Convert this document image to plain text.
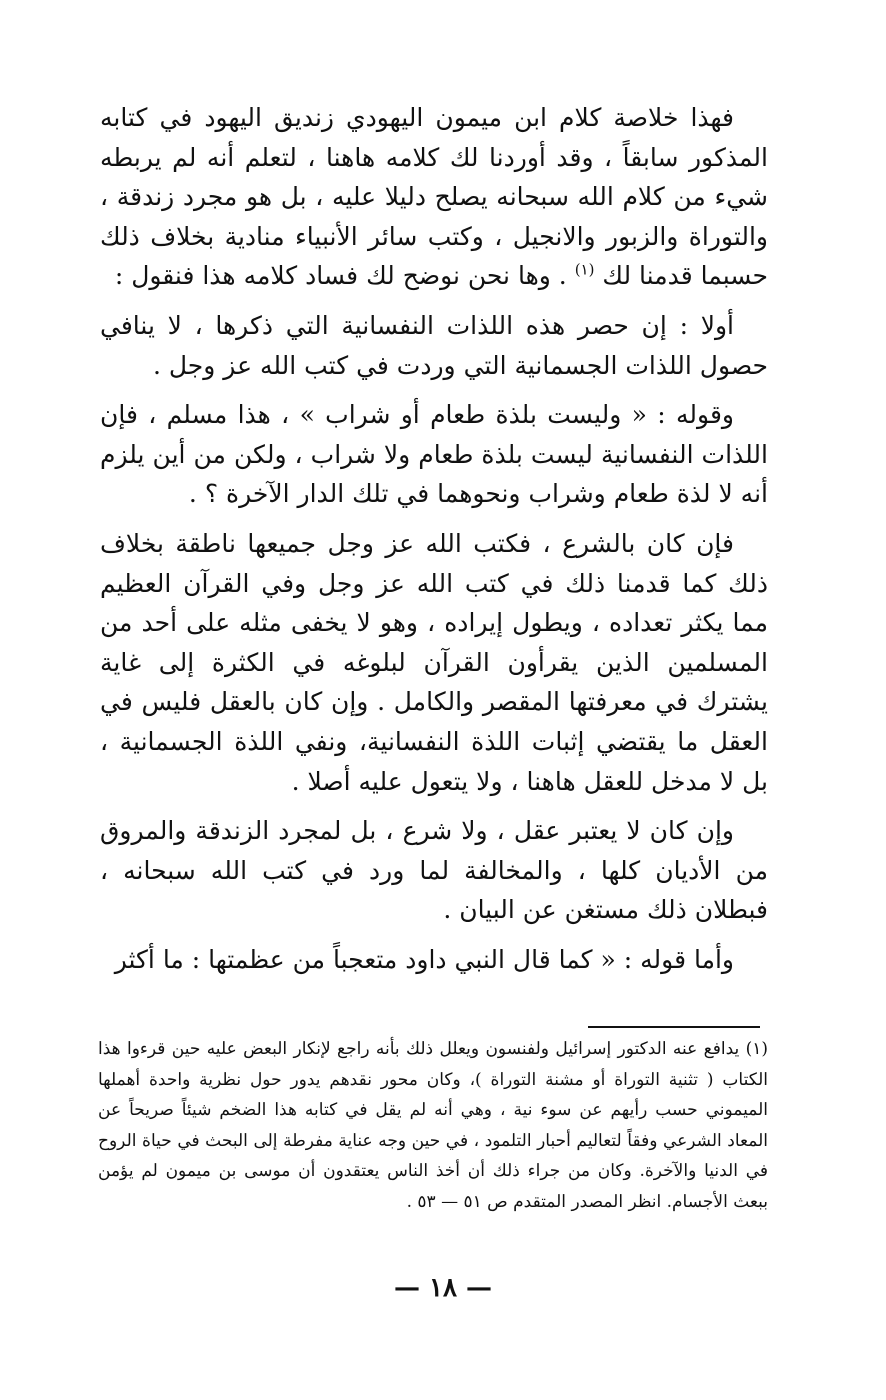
فهذا خلاصة كلام ابن ميمون اليهودي زنديق اليهود في كتابه المذكور سابقاً ، وقد أوردنا لك كلامه هاهنا ، لتعلم أنه لم يربطه شيء من كلام الله سبحانه يصلح دليلا عليه ، بل هو مجرد زندقة ، والتوراة والزبور والانجيل ، وكتب سائر الأنبياء منادية بخلاف ذلك حسبما قدمنا لك $^{(١)}$ . وها نحن نوضح لك فساد كلامه هذا فنقول :

أولا : إن حصر هذه اللذات النفسانية التي ذكرها ، لا ينافي حصول اللذات الجسمانية التي وردت في كتب الله عز وجل .

وقوله : « وليست بلذة طعام أو شراب » ، هذا مسلم ، فإن اللذات النفسانية ليست بلذة طعام ولا شراب ، ولكن من أين يلزم أنه لا لذة طعام وشراب ونحوهما في تلك الدار الآخرة ؟ .

فإن كان بالشرع ، فكتب الله عز وجل جميعها ناطقة بخلاف ذلك كما قدمنا ذلك في كتب الله عز وجل وفي القرآن العظيم مما يكثر تعداده ، ويطول إيراده ، وهو لا يخفى مثله على أحد من المسلمين الذين يقرأون القرآن لبلوغه في الكثرة إلى غاية يشترك في معرفتها المقصر والكامل . وإن كان بالعقل فليس في العقل ما يقتضي إثبات اللذة النفسانية، ونفي اللذة الجسمانية ، بل لا مدخل للعقل هاهنا ، ولا يتعول عليه أصلا .

وإن كان لا يعتبر عقل ، ولا شرع ، بل لمجرد الزندقة والمروق من الأديان كلها ، والمخالفة لما ورد في كتب الله سبحانه ، فبطلان ذلك مستغن عن البيان .

وأما قوله : « كما قال النبي داود متعجباً من عظمتها : ما أكثر

(١) يدافع عنه الدكتور إسرائيل ولفنسون ويعلل ذلك بأنه راجع لإنكار البعض عليه حين قرءوا هذا الكتاب ( تثنية التوراة أو مشنة التوراة )، وكان محور نقدهم يدور حول نظرية واحدة أهملها الميموني حسب رأيهم عن سوء نية ، وهي أنه لم يقل في كتابه هذا الضخم شيئاً صريحاً عن المعاد الشرعي وفقاً لتعاليم أحبار التلمود ، في حين وجه عناية مفرطة إلى البحث في حياة الروح في الدنيا والآخرة. وكان من جراء ذلك أن أخذ الناس يعتقدون أن موسى بن ميمون لم يؤمن ببعث الأجسام. انظر المصدر المتقدم ص ٥١ — ٥٣ .

— ١٨ —
